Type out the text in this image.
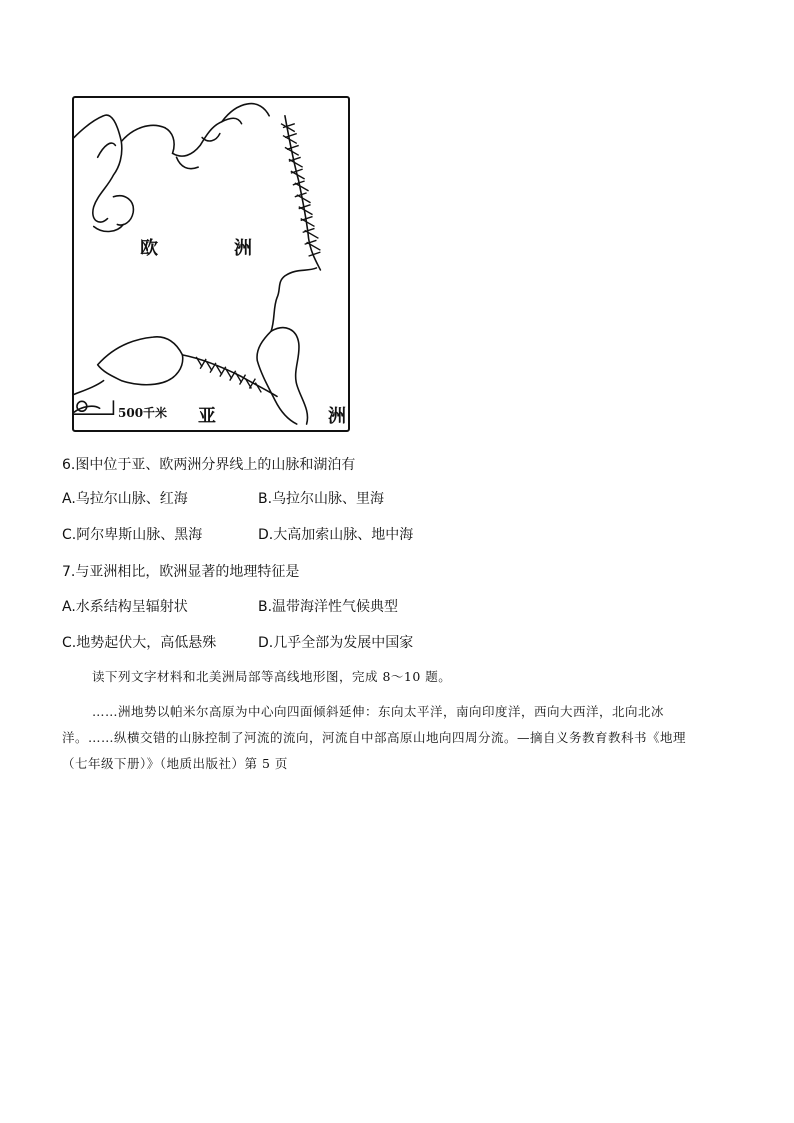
欧	洲
500千米 亚	洲
6.图中位于亚、欧两洲分界线上的山脉和湖泊有
A.乌拉尔山脉、红海	B.乌拉尔山脉、里海
C.阿尔卑斯山脉、黑海	D.大高加索山脉、地中海
7.与亚洲相比，欧洲显著的地理特征是
A.水系结构呈辐射状	B.温带海洋性气候典型
C.地势起伏大，高低悬殊	D.几乎全部为发展中国家
读下列文字材料和北美洲局部等高线地形图，完成 8～10 题。
……洲地势以帕米尔高原为中心向四面倾斜延伸：东向太平洋，南向印度洋，西向大西洋，北向北冰
洋。……纵横交错的山脉控制了河流的流向，河流自中部高原山地向四周分流。—摘自义务教育教科书《地理
（七年级下册）》（地质出版社）第 5 页
